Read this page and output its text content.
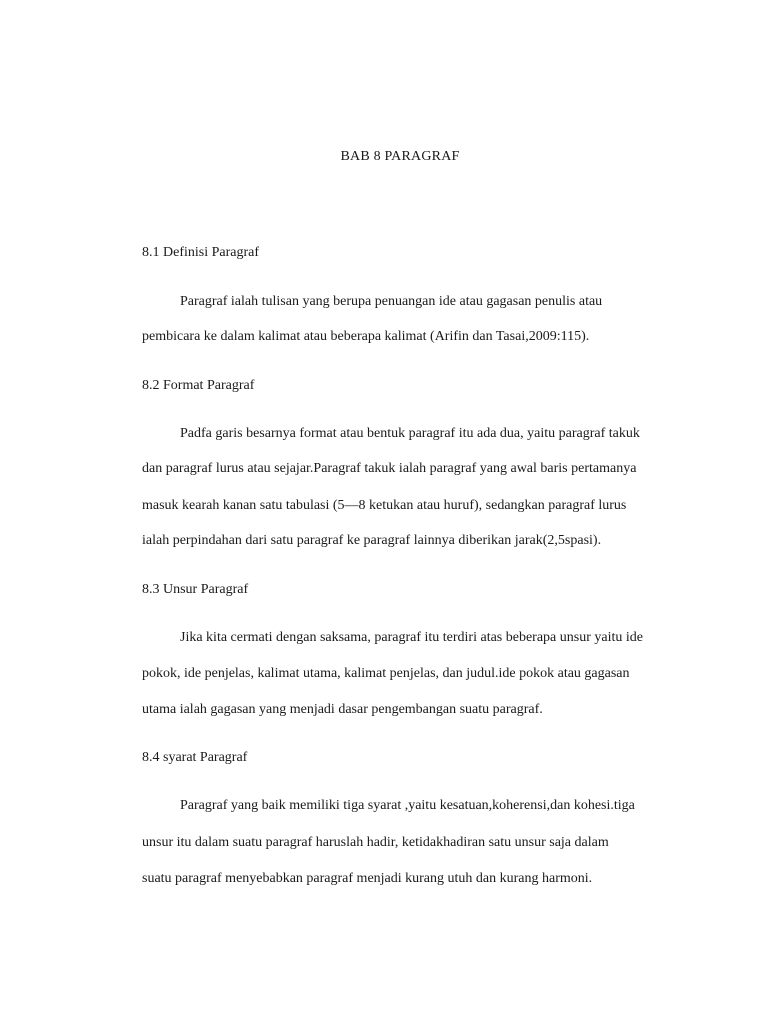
BAB 8 PARAGRAF
8.1 Definisi Paragraf
Paragraf ialah tulisan yang berupa penuangan ide atau gagasan penulis atau
pembicara ke dalam kalimat atau beberapa kalimat (Arifin dan Tasai,2009:115).
8.2 Format Paragraf
Padfa garis besarnya format atau bentuk paragraf itu ada dua, yaitu paragraf takuk
dan paragraf lurus atau sejajar.Paragraf takuk ialah paragraf yang awal baris pertamanya
masuk kearah kanan satu tabulasi (5—8 ketukan atau huruf), sedangkan paragraf lurus
ialah perpindahan dari satu paragraf ke paragraf lainnya diberikan jarak(2,5spasi).
8.3 Unsur Paragraf
Jika kita cermati dengan saksama, paragraf itu terdiri atas beberapa unsur yaitu ide
pokok, ide penjelas, kalimat utama, kalimat penjelas, dan judul.ide pokok atau gagasan
utama ialah gagasan yang menjadi dasar pengembangan suatu paragraf.
8.4 syarat Paragraf
Paragraf yang baik memiliki tiga syarat ,yaitu kesatuan,koherensi,dan kohesi.tiga
unsur itu dalam suatu paragraf haruslah hadir, ketidakhadiran satu unsur saja dalam
suatu paragraf menyebabkan paragraf menjadi kurang utuh dan kurang harmoni.
